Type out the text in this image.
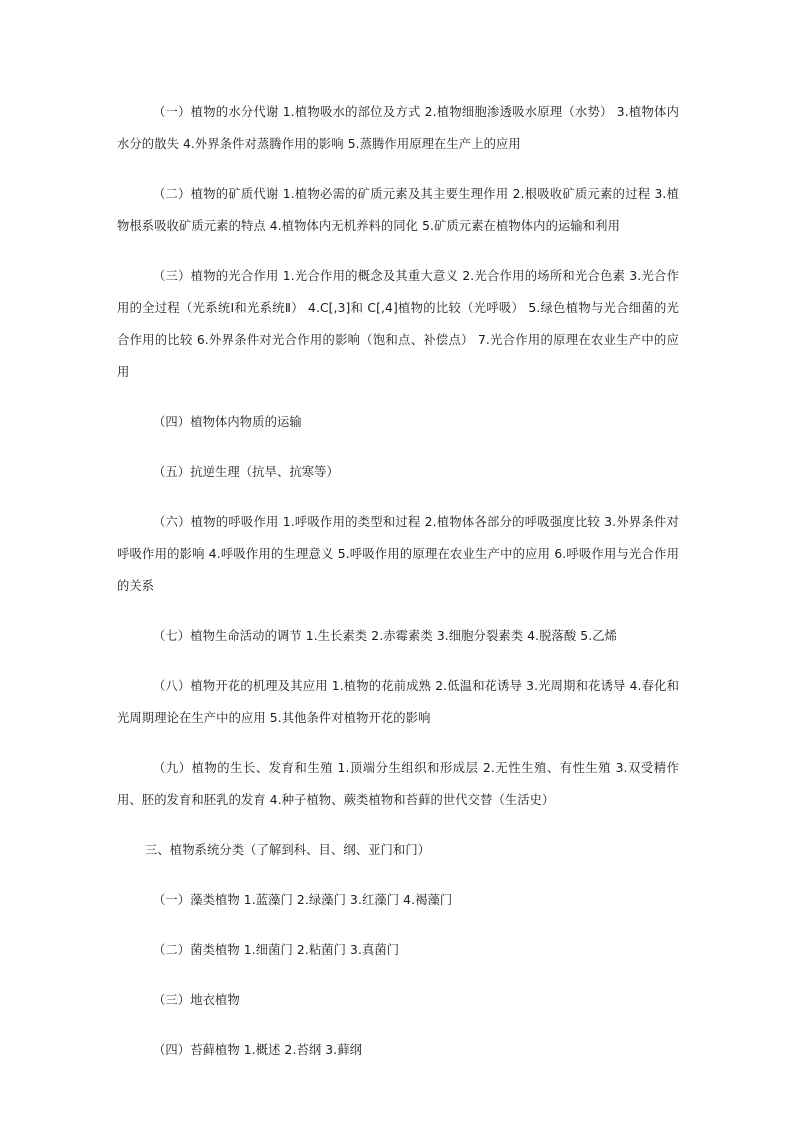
（一）植物的水分代谢 1.植物吸水的部位及方式 2.植物细胞渗透吸水原理（水势） 3.植物体内水分的散失 4.外界条件对蒸腾作用的影响 5.蒸腾作用原理在生产上的应用

（二）植物的矿质代谢 1.植物必需的矿质元素及其主要生理作用 2.根吸收矿质元素的过程 3.植物根系吸收矿质元素的特点 4.植物体内无机养料的同化 5.矿质元素在植物体内的运输和利用

（三）植物的光合作用 1.光合作用的概念及其重大意义 2.光合作用的场所和光合色素 3.光合作用的全过程（光系统Ⅰ和光系统Ⅱ） 4.C[,3]和 C[,4]植物的比较（光呼吸） 5.绿色植物与光合细菌的光合作用的比较 6.外界条件对光合作用的影响（饱和点、补偿点） 7.光合作用的原理在农业生产中的应用

（四）植物体内物质的运输

（五）抗逆生理（抗旱、抗寒等）

（六）植物的呼吸作用 1.呼吸作用的类型和过程 2.植物体各部分的呼吸强度比较 3.外界条件对呼吸作用的影响 4.呼吸作用的生理意义 5.呼吸作用的原理在农业生产中的应用 6.呼吸作用与光合作用的关系

（七）植物生命活动的调节 1.生长素类 2.赤霉素类 3.细胞分裂素类 4.脱落酸 5.乙烯

（八）植物开花的机理及其应用 1.植物的花前成熟 2.低温和花诱导 3.光周期和花诱导 4.春化和光周期理论在生产中的应用 5.其他条件对植物开花的影响

（九）植物的生长、发育和生殖 1.顶端分生组织和形成层 2.无性生殖、有性生殖 3.双受精作用、胚的发育和胚乳的发育 4.种子植物、蕨类植物和苔藓的世代交替（生活史）

三、植物系统分类（了解到科、目、纲、亚门和门）

（一）藻类植物 1.蓝藻门 2.绿藻门 3.红藻门 4.褐藻门

（二）菌类植物 1.细菌门 2.粘菌门 3.真菌门

（三）地衣植物

（四）苔藓植物 1.概述 2.苔纲 3.藓纲
